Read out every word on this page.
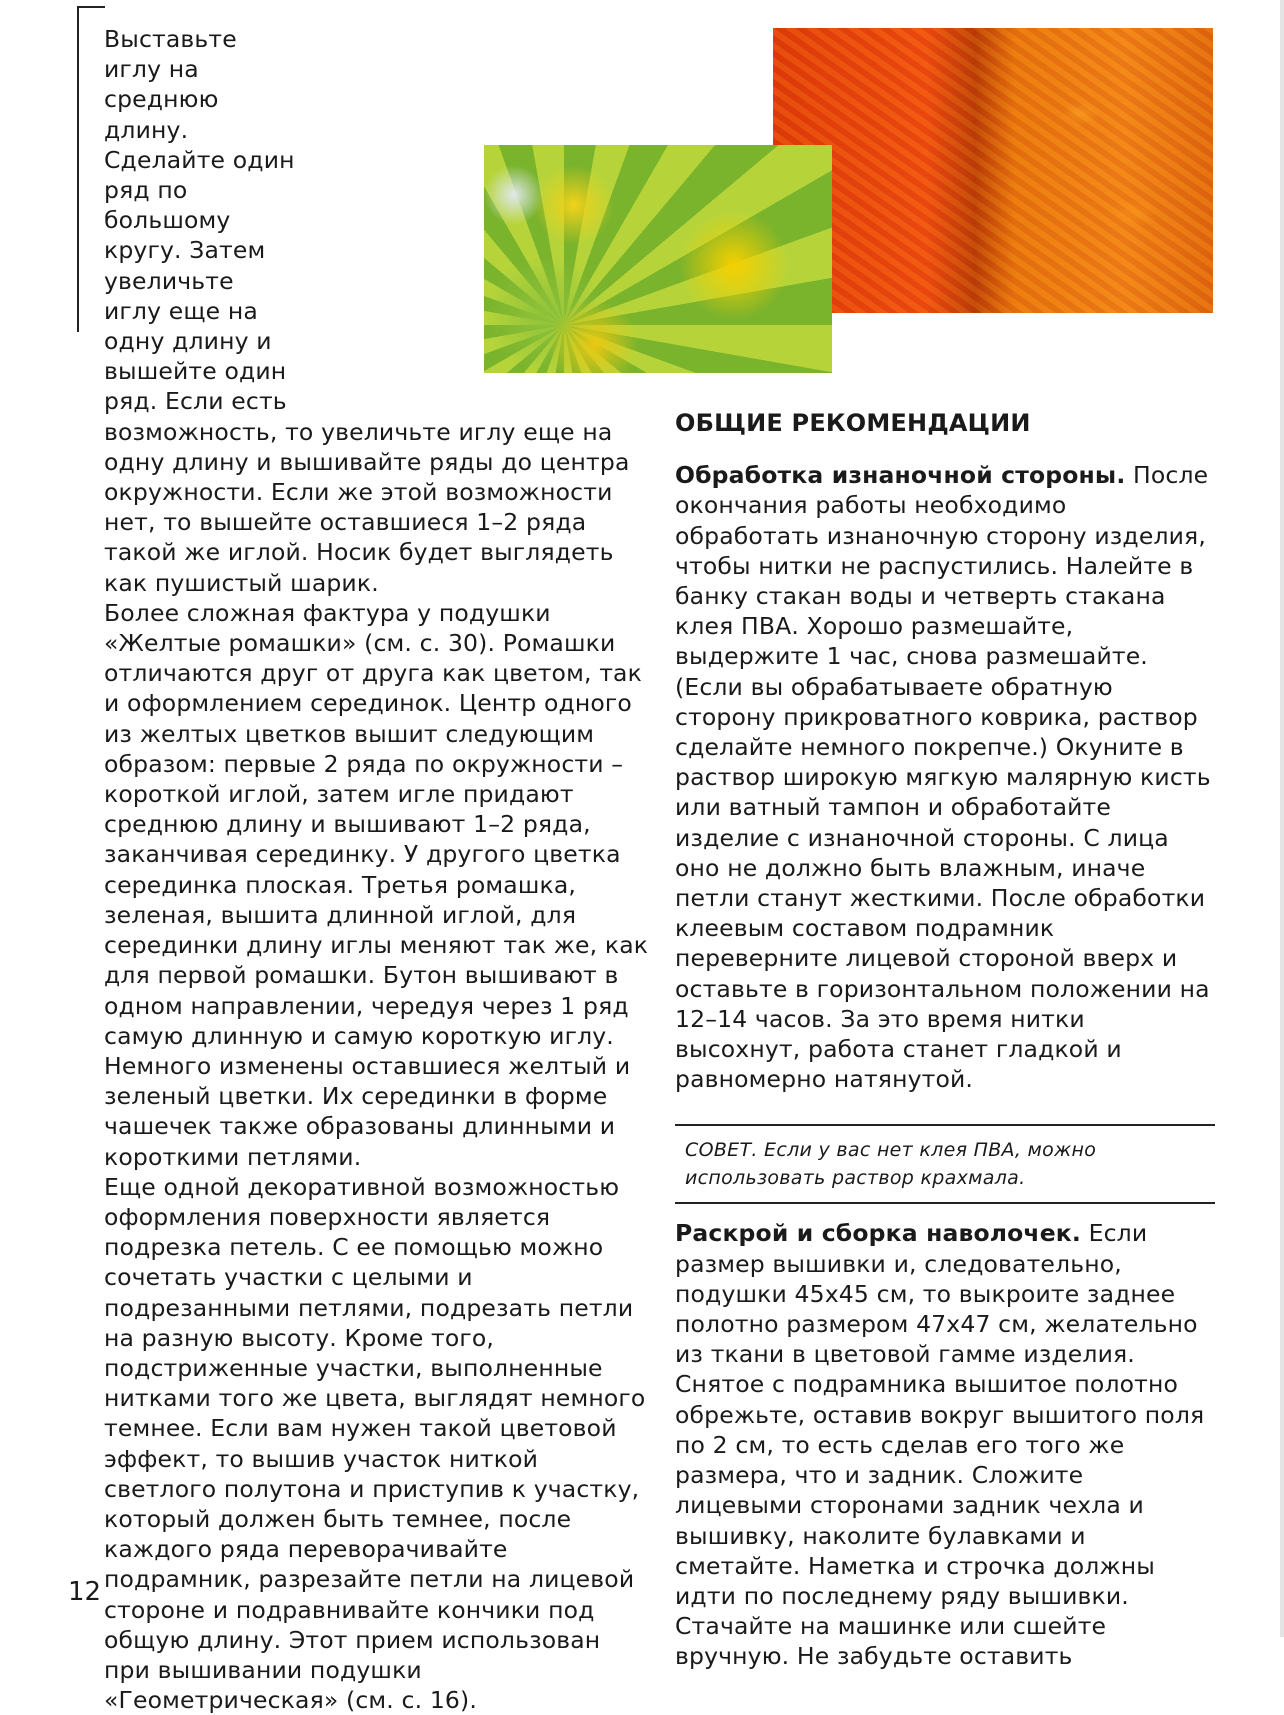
Выставьте иглу на среднюю длину. Сделайте один ряд по большому кругу. Затем увеличьте иглу еще на одну длину и вышейте один ряд. Если есть возможность, то увеличьте иглу еще на одну длину и вышивайте ряды до центра окружности. Если же этой возможности нет, то вышейте оставшиеся 1–2 ряда такой же иглой. Носик будет выглядеть как пушистый шарик.

Более сложная фактура у подушки «Желтые ромашки» (см. с. 30). Ромашки отличаются друг от друга как цветом, так и оформлением серединок. Центр одного из желтых цветков вышит следующим образом: первые 2 ряда по окружности – короткой иглой, затем игле придают среднюю длину и вышивают 1–2 ряда, заканчивая серединку. У другого цветка серединка плоская. Третья ромашка, зеленая, вышита длинной иглой, для серединки длину иглы меняют так же, как для первой ромашки. Бутон вышивают в одном направлении, чередуя через 1 ряд самую длинную и самую короткую иглу.

Немного изменены оставшиеся желтый и зеленый цветки. Их серединки в форме чашечек также образованы длинными и короткими петлями.

Еще одной декоративной возможностью оформления поверхности является подрезка петель. С ее помощью можно сочетать участки с целыми и подрезанными петлями, подрезать петли на разную высоту. Кроме того, подстриженные участки, выполненные нитками того же цвета, выглядят немного темнее. Если вам нужен такой цветовой эффект, то вышив участок ниткой светлого полутона и приступив к участку, который должен быть темнее, после каждого ряда переворачивайте подрамник, разрезайте петли на лицевой стороне и подравнивайте кончики под общую длину. Этот прием использован при вышивании подушки «Геометрическая» (см. с. 16).

ОБЩИЕ РЕКОМЕНДАЦИИ

Обработка изнаночной стороны. После окончания работы необходимо обработать изнаночную сторону изделия, чтобы нитки не распустились. Налейте в банку стакан воды и четверть стакана клея ПВА. Хорошо размешайте, выдержите 1 час, снова размешайте. (Если вы обрабатываете обратную сторону прикроватного коврика, раствор сделайте немного покрепче.) Окуните в раствор широкую мягкую малярную кисть или ватный тампон и обработайте изделие с изнаночной стороны. С лица оно не должно быть влажным, иначе петли станут жесткими. После обработки клеевым составом подрамник переверните лицевой стороной вверх и оставьте в горизонтальном положении на 12–14 часов. За это время нитки высохнут, работа станет гладкой и равномерно натянутой.

СОВЕТ. Если у вас нет клея ПВА, можно использовать раствор крахмала.

Раскрой и сборка наволочек. Если размер вышивки и, следовательно, подушки 45x45 см, то выкроите заднее полотно размером 47x47 см, желательно из ткани в цветовой гамме изделия. Снятое с подрамника вышитое полотно обрежьте, оставив вокруг вышитого поля по 2 см, то есть сделав его того же размера, что и задник. Сложите лицевыми сторонами задник чехла и вышивку, наколите булавками и сметайте. Наметка и строчка должны идти по последнему ряду вышивки. Стачайте на машинке или сшейте вручную. Не забудьте оставить

12
